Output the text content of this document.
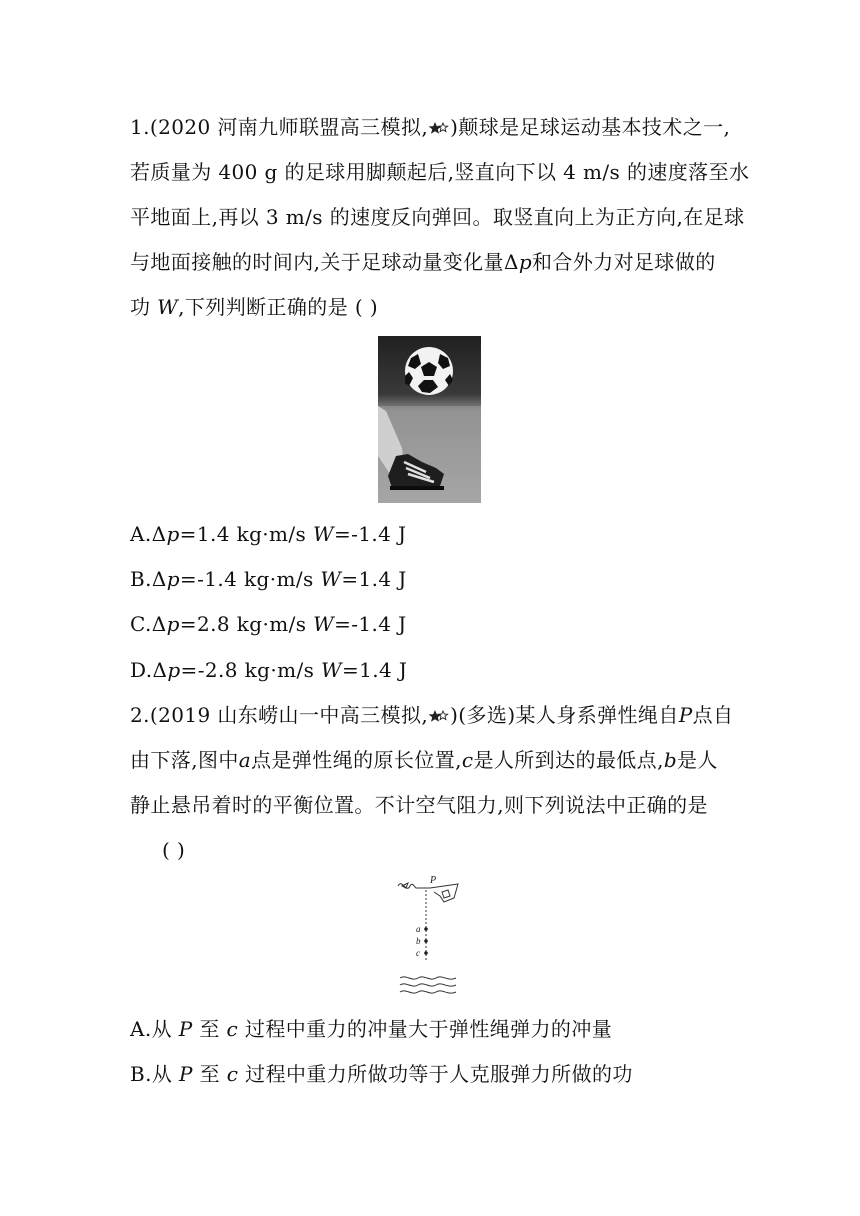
1.(2020 河南九师联盟高三模拟, )颠球是足球运动基本技术之一,
若质量为 400 g 的足球用脚颠起后,竖直向下以 4 m/s 的速度落至水
平地面上,再以 3 m/s 的速度反向弹回。取竖直向上为正方向,在足球
与地面接触的时间内,关于足球动量变化量Δp和合外力对足球做的
功 W,下列判断正确的是 ( )
A.Δp=1.4 kg·m/s W=-1.4 J
B.Δp=-1.4 kg·m/s W=1.4 J
C.Δp=2.8 kg·m/s W=-1.4 J
D.Δp=-2.8 kg·m/s W=1.4 J
2.(2019 山东崂山一中高三模拟, )(多选)某人身系弹性绳自P点自
由下落,图中a点是弹性绳的原长位置,c是人所到达的最低点,b是人
静止悬吊着时的平衡位置。不计空气阻力,则下列说法中正确的是
( )
P
a
b
c
A.从 P 至 c 过程中重力的冲量大于弹性绳弹力的冲量
B.从 P 至 c 过程中重力所做功等于人克服弹力所做的功
